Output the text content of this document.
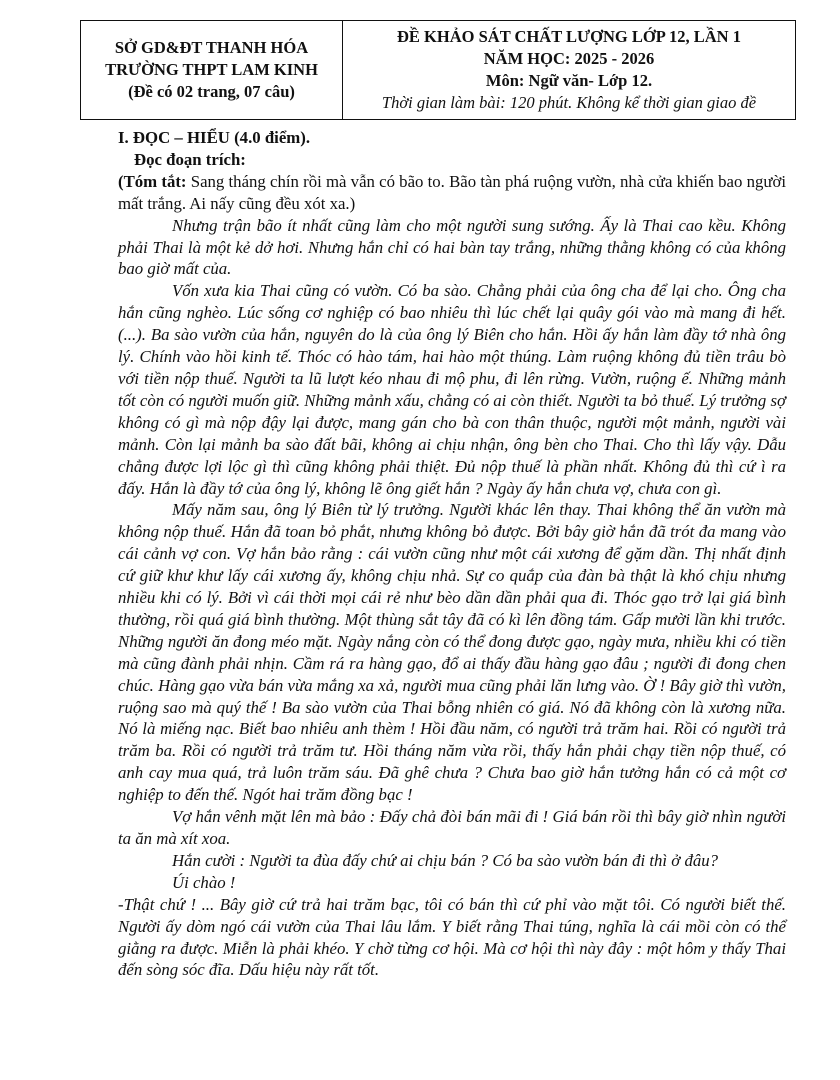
SỞ GD&ĐT THANH HÓA
TRƯỜNG THPT LAM KINH
(Đề có 02 trang, 07 câu)
ĐỀ KHẢO SÁT CHẤT LƯỢNG LỚP 12, LẦN 1
NĂM HỌC: 2025 - 2026
Môn: Ngữ văn- Lớp 12.
Thời gian làm bài: 120 phút. Không kể thời gian giao đề

I. ĐỌC – HIỂU (4.0 điểm).

Đọc đoạn trích:

(Tóm tắt: Sang tháng chín rồi mà vẫn có bão to. Bão tàn phá ruộng vườn, nhà cửa khiến bao người mất trắng. Ai nấy cũng đều xót xa.)

Nhưng trận bão ít nhất cũng làm cho một người sung sướng. Ấy là Thai cao kều. Không phải Thai là một kẻ dở hơi. Nhưng hắn chỉ có hai bàn tay trắng, những thằng không có của không bao giờ mất của.

Vốn xưa kia Thai cũng có vườn. Có ba sào. Chẳng phải của ông cha để lại cho. Ông cha hắn cũng nghèo. Lúc sống cơ nghiệp có bao nhiêu thì lúc chết lại quây gói vào mà mang đi hết. (...). Ba sào vườn của hắn, nguyên do là của ông lý Biên cho hắn. Hồi ấy hắn làm đầy tớ nhà ông lý. Chính vào hồi kinh tế. Thóc có hào tám, hai hào một thúng. Làm ruộng không đủ tiền trâu bò với tiền nộp thuế. Người ta lũ lượt kéo nhau đi mộ phu, đi lên rừng. Vườn, ruộng ế. Những mảnh tốt còn có người muốn giữ. Những mảnh xấu, chẳng có ai còn thiết. Người ta bỏ thuế. Lý trưởng sợ không có gì mà nộp đậy lại được, mang gán cho bà con thân thuộc, người một mảnh, người vài mảnh. Còn lại mảnh ba sào đất bãi, không ai chịu nhận, ông bèn cho Thai. Cho thì lấy vậy. Dẫu chẳng được lợi lộc gì thì cũng không phải thiệt. Đủ nộp thuế là phần nhất. Không đủ thì cứ ì ra đấy. Hắn là đầy tớ của ông lý, không lẽ ông giết hắn ? Ngày ấy hắn chưa vợ, chưa con gì.

Mấy năm sau, ông lý Biên từ lý trưởng. Người khác lên thay. Thai không thể ăn vườn mà không nộp thuế. Hắn đã toan bỏ phắt, nhưng không bỏ được. Bởi bây giờ hắn đã trót đa mang vào cái cảnh vợ con. Vợ hắn bảo rằng : cái vườn cũng như một cái xương để gặm dần. Thị nhất định cứ giữ khư khư lấy cái xương ấy, không chịu nhả. Sự co quắp của đàn bà thật là khó chịu nhưng nhiều khi có lý. Bởi vì cái thời mọi cái rẻ như bèo dần dần phải qua đi. Thóc gạo trở lại giá bình thường, rồi quá giá bình thường. Một thùng sắt tây đã có kì lên đồng tám. Gấp mười lần khi trước. Những người ăn đong méo mặt. Ngày nắng còn có thể đong được gạo, ngày mưa, nhiều khi có tiền mà cũng đành phải nhịn. Cầm rá ra hàng gạo, đổ ai thấy đầu hàng gạo đâu ; người đi đong chen chúc. Hàng gạo vừa bán vừa mắng xa xả, người mua cũng phải lăn lưng vào. Ờ ! Bây giờ thì vườn, ruộng sao mà quý thế ! Ba sào vườn của Thai bỗng nhiên có giá. Nó đã không còn là xương nữa. Nó là miếng nạc. Biết bao nhiêu anh thèm ! Hồi đầu năm, có người trả trăm hai. Rồi có người trả trăm ba. Rồi có người trả trăm tư. Hồi tháng năm vừa rồi, thấy hắn phải chạy tiền nộp thuế, có anh cay mua quá, trả luôn trăm sáu. Đã ghê chưa ? Chưa bao giờ hắn tưởng hắn có cả một cơ nghiệp to đến thế. Ngót hai trăm đồng bạc !

Vợ hắn vênh mặt lên mà bảo : Đấy chả đòi bán mãi đi ! Giá bán rồi thì bây giờ nhìn người ta ăn mà xít xoa.

Hắn cười : Người ta đùa đấy chứ ai chịu bán ? Có ba sào vườn bán đi thì ở đâu?

Úi chào !

-Thật chứ ! ... Bây giờ cứ trả hai trăm bạc, tôi có bán thì cứ phỉ vào mặt tôi. Có người biết thế. Người ấy dòm ngó cái vườn của Thai lâu lắm. Y biết rằng Thai túng, nghĩa là cái mồi còn có thể giằng ra được. Miễn là phải khéo. Y chờ từng cơ hội. Mà cơ hội thì này đây : một hôm y thấy Thai đến sòng sóc đĩa. Dấu hiệu này rất tốt.
